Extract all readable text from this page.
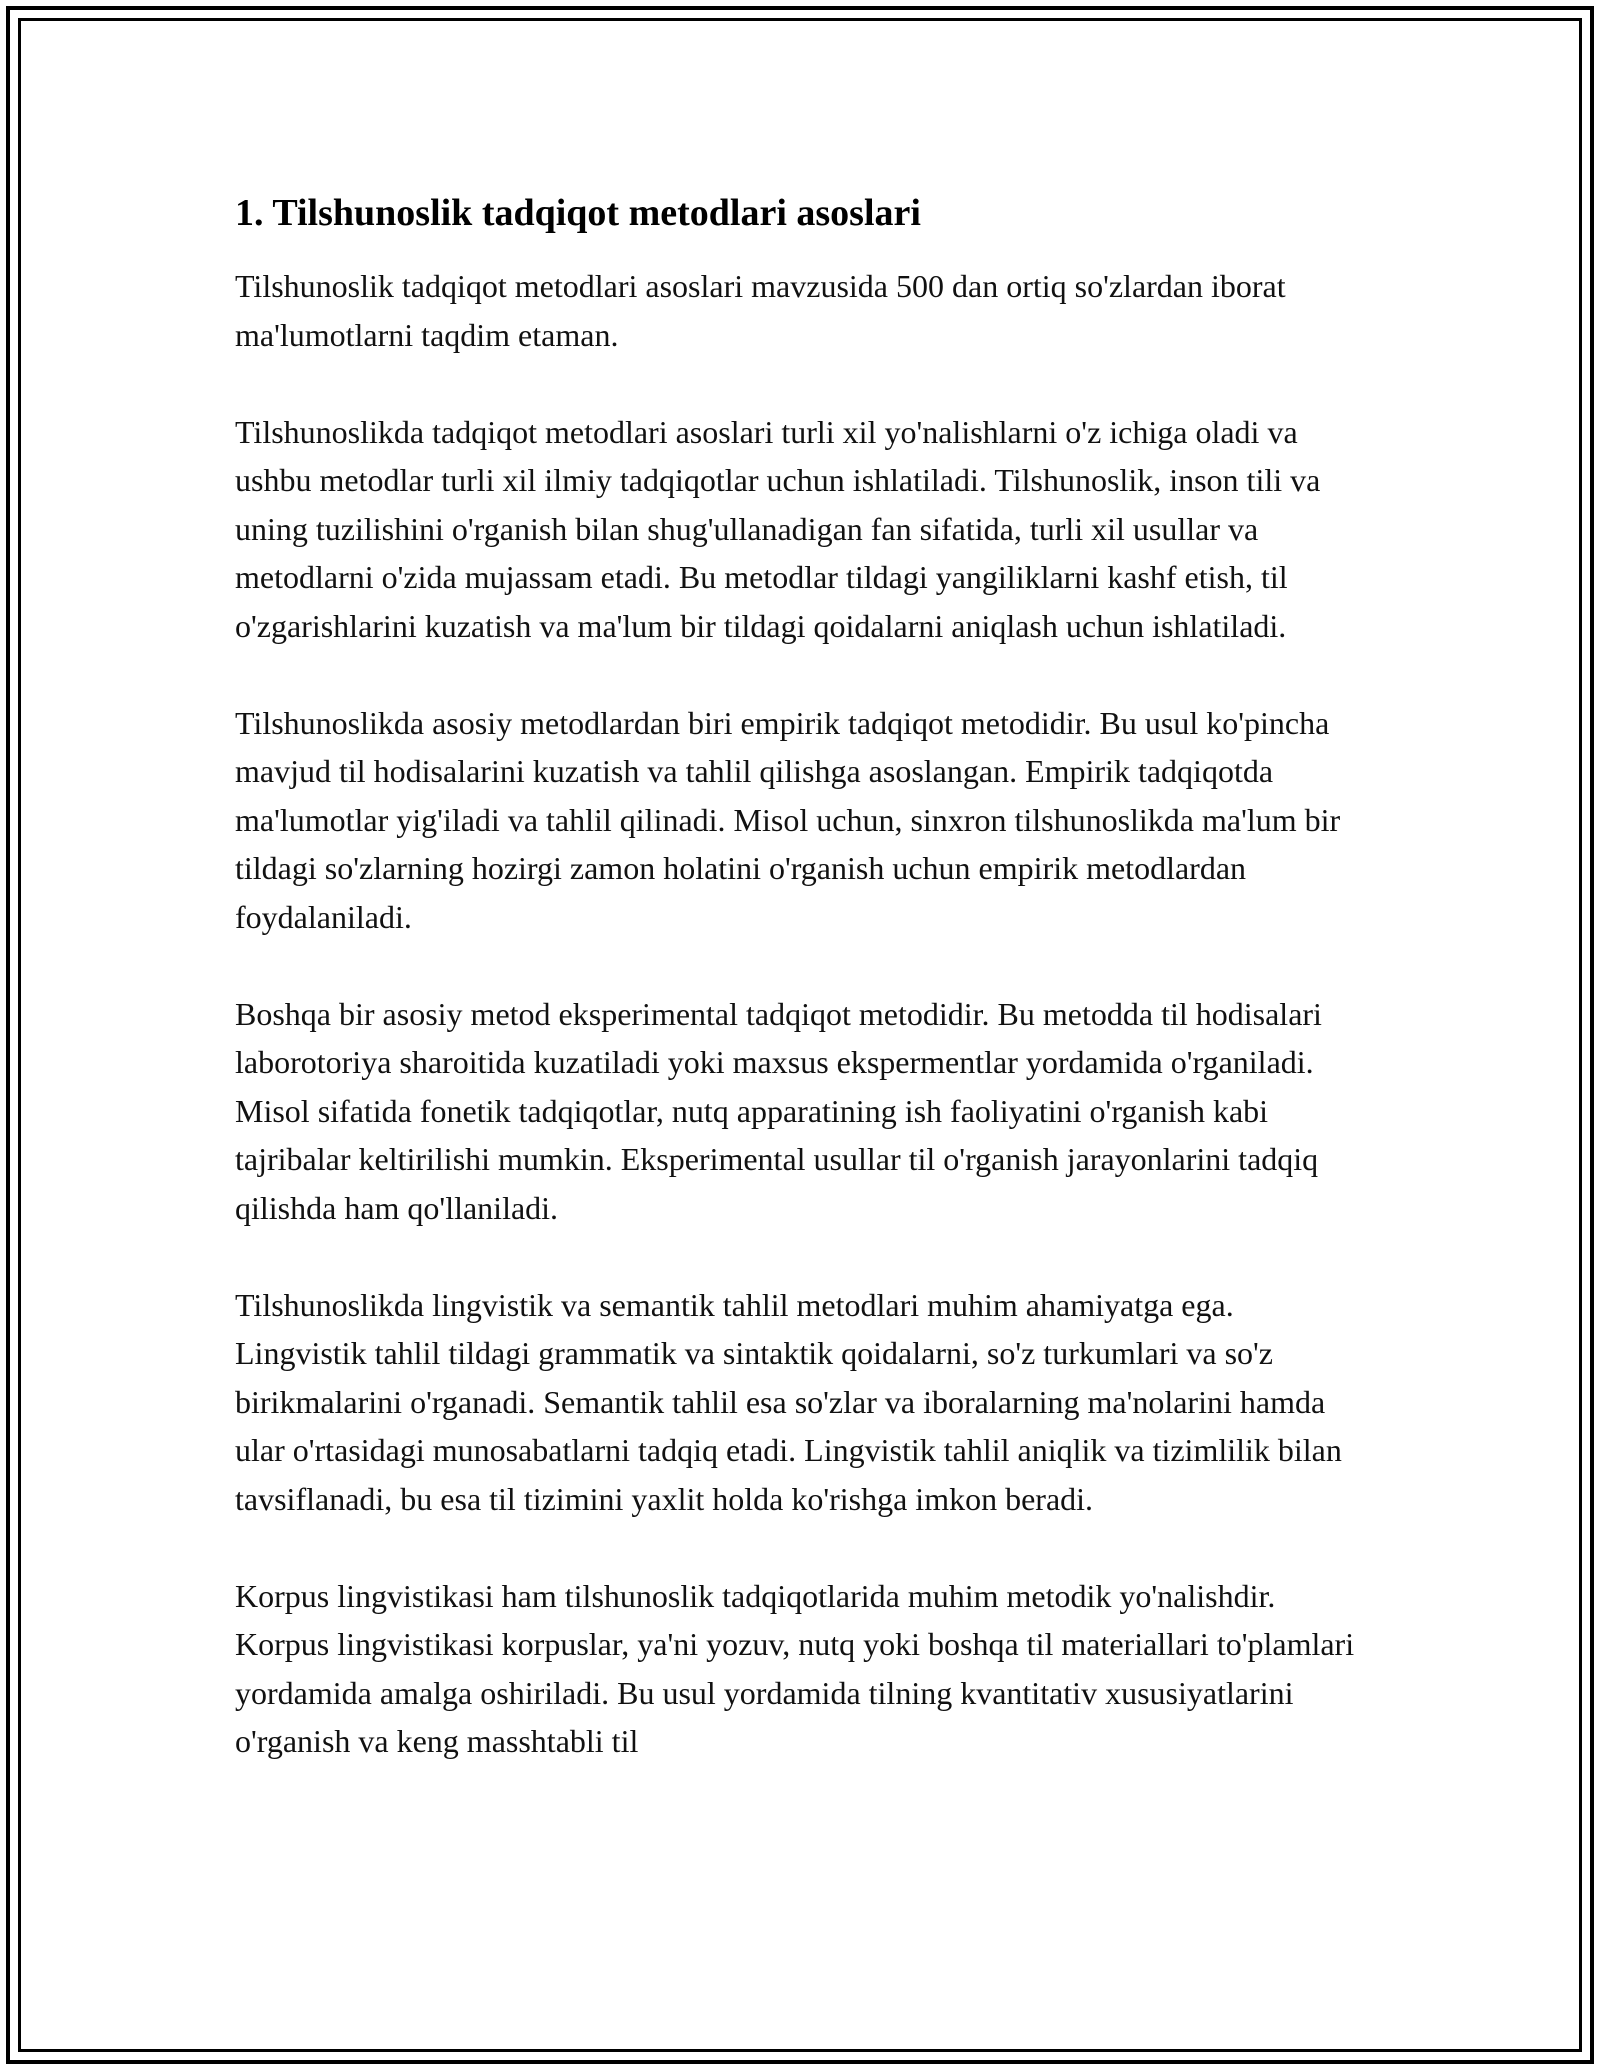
1. Tilshunoslik tadqiqot metodlari asoslari

Tilshunoslik tadqiqot metodlari asoslari mavzusida 500 dan ortiq so'zlardan iborat ma'lumotlarni taqdim etaman.

Tilshunoslikda tadqiqot metodlari asoslari turli xil yo'nalishlarni o'z ichiga oladi va ushbu metodlar turli xil ilmiy tadqiqotlar uchun ishlatiladi. Tilshunoslik, inson tili va uning tuzilishini o'rganish bilan shug'ullanadigan fan sifatida, turli xil usullar va metodlarni o'zida mujassam etadi. Bu metodlar tildagi yangiliklarni kashf etish, til o'zgarishlarini kuzatish va ma'lum bir tildagi qoidalarni aniqlash uchun ishlatiladi.

Tilshunoslikda asosiy metodlardan biri empirik tadqiqot metodidir. Bu usul ko'pincha mavjud til hodisalarini kuzatish va tahlil qilishga asoslangan. Empirik tadqiqotda ma'lumotlar yig'iladi va tahlil qilinadi. Misol uchun, sinxron tilshunoslikda ma'lum bir tildagi so'zlarning hozirgi zamon holatini o'rganish uchun empirik metodlardan foydalaniladi.

Boshqa bir asosiy metod eksperimental tadqiqot metodidir. Bu metodda til hodisalari laborotoriya sharoitida kuzatiladi yoki maxsus ekspermentlar yordamida o'rganiladi. Misol sifatida fonetik tadqiqotlar, nutq apparatining ish faoliyatini o'rganish kabi tajribalar keltirilishi mumkin. Eksperimental usullar til o'rganish jarayonlarini tadqiq qilishda ham qo'llaniladi.

Tilshunoslikda lingvistik va semantik tahlil metodlari muhim ahamiyatga ega. Lingvistik tahlil tildagi grammatik va sintaktik qoidalarni, so'z turkumlari va so'z birikmalarini o'rganadi. Semantik tahlil esa so'zlar va iboralarning ma'nolarini hamda ular o'rtasidagi munosabatlarni tadqiq etadi. Lingvistik tahlil aniqlik va tizimlilik bilan tavsiflanadi, bu esa til tizimini yaxlit holda ko'rishga imkon beradi.

Korpus lingvistikasi ham tilshunoslik tadqiqotlarida muhim metodik yo'nalishdir. Korpus lingvistikasi korpuslar, ya'ni yozuv, nutq yoki boshqa til materiallari to'plamlari yordamida amalga oshiriladi. Bu usul yordamida tilning kvantitativ xususiyatlarini o'rganish va keng masshtabli til
